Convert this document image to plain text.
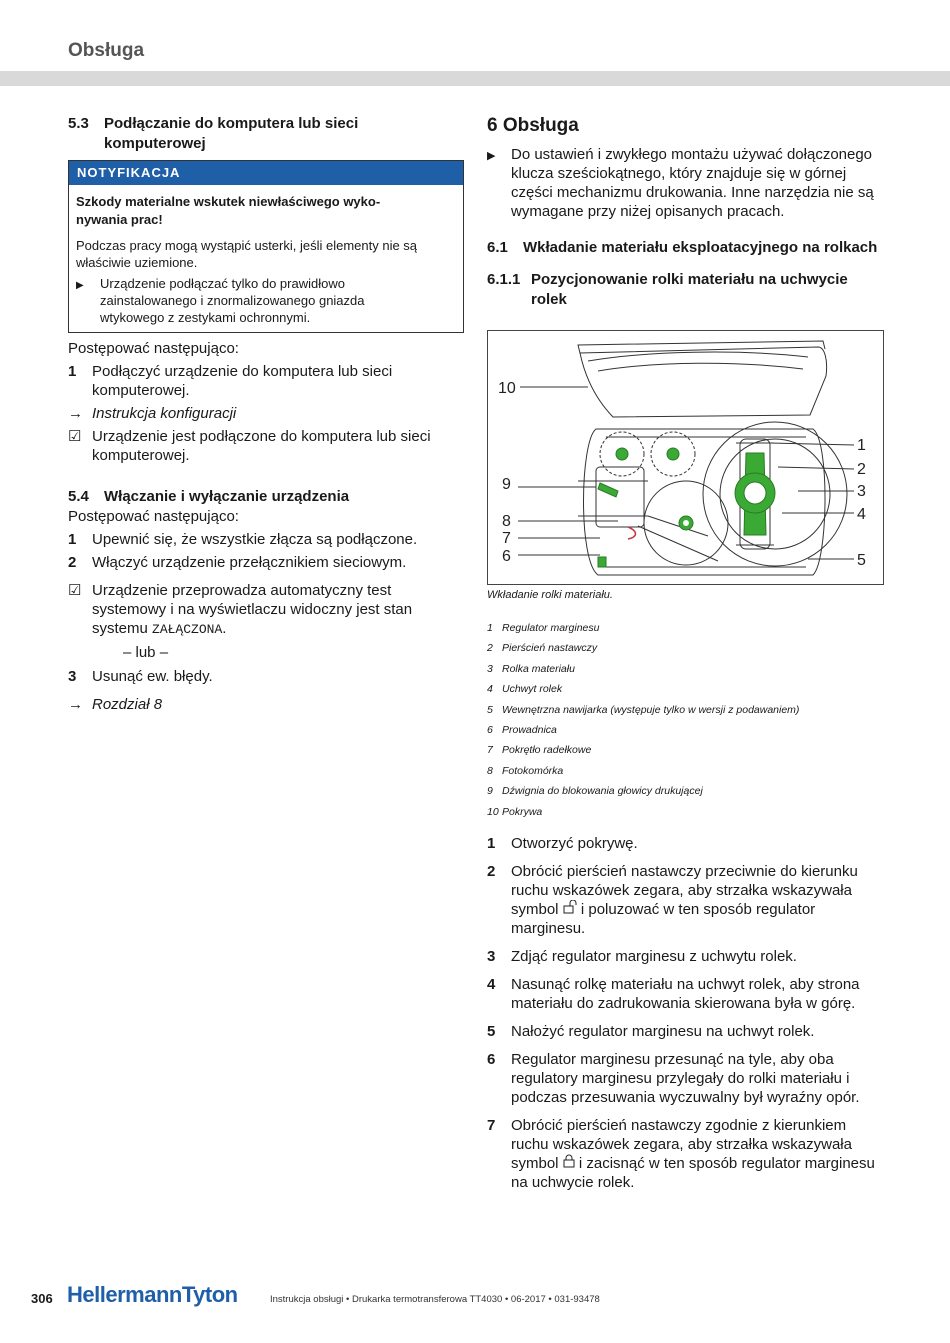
Obsługa
5.3	Podłączanie do komputera lub sieci komputerowej
NOTYFIKACJA
Szkody materialne wskutek niewłaściwego wyko-nywania prac!
Podczas pracy mogą wystąpić usterki, jeśli elementy nie są właściwie uziemione.
▶	Urządzenie podłączać tylko do prawidłowo zainstalowanego i znormalizowanego gniazda wtykowego z zestykami ochronnymi.
Postępować następująco:
1	Podłączyć urządzenie do komputera lub sieci komputerowej.
→ Instrukcja konfiguracji
☑ Urządzenie jest podłączone do komputera lub sieci komputerowej.
5.4	Włączanie i wyłączanie urządzenia
Postępować następująco:
1	Upewnić się, że wszystkie złącza są podłączone.
2	Włączyć urządzenie przełącznikiem sieciowym.
☑ Urządzenie przeprowadza automatyczny test systemowy i na wyświetlaczu widoczny jest stan systemu ZAŁĄCZONA.
– lub –
3	Usunąć ew. błędy.
→ Rozdział 8
6 Obsługa
▶	Do ustawień i zwykłego montażu używać dołączonego klucza sześciokątnego, który znajduje się w górnej części mechanizmu drukowania. Inne narzędzia nie są wymagane przy niżej opisanych pracach.
6.1	Wkładanie materiału eksploatacyjnego na rolkach
6.1.1 Pozycjonowanie rolki materiału na uchwycie rolek
10
1
2
3
4
5
9
8
7
6
Wkładanie rolki materiału.
1 Regulator marginesu
2 Pierścień nastawczy
3 Rolka materiału
4 Uchwyt rolek
5 Wewnętrzna nawijarka (występuje tylko w wersji z podawaniem)
6 Prowadnica
7 Pokrętło radełkowe
8 Fotokomórka
9 Dźwignia do blokowania głowicy drukującej
10 Pokrywa
1	Otworzyć pokrywę.
2	Obrócić pierścień nastawczy przeciwnie do kierunku ruchu wskazówek zegara, aby strzałka wskazywała symbol i poluzować w ten sposób regulator marginesu.
3	Zdjąć regulator marginesu z uchwytu rolek.
4	Nasunąć rolkę materiału na uchwyt rolek, aby strona materiału do zadrukowania skierowana była w górę.
5	Nałożyć regulator marginesu na uchwyt rolek.
6	Regulator marginesu przesunąć na tyle, aby oba regulatory marginesu przylegały do rolki materiału i podczas przesuwania wyczuwalny był wyraźny opór.
7	Obrócić pierścień nastawczy zgodnie z kierunkiem ruchu wskazówek zegara, aby strzałka wskazywała symbol i zacisnąć w ten sposób regulator marginesu na uchwycie rolek.
306 HellermannTyton	Instrukcja obsługi • Drukarka termotransferowa TT4030 • 06-2017 • 031-93478
